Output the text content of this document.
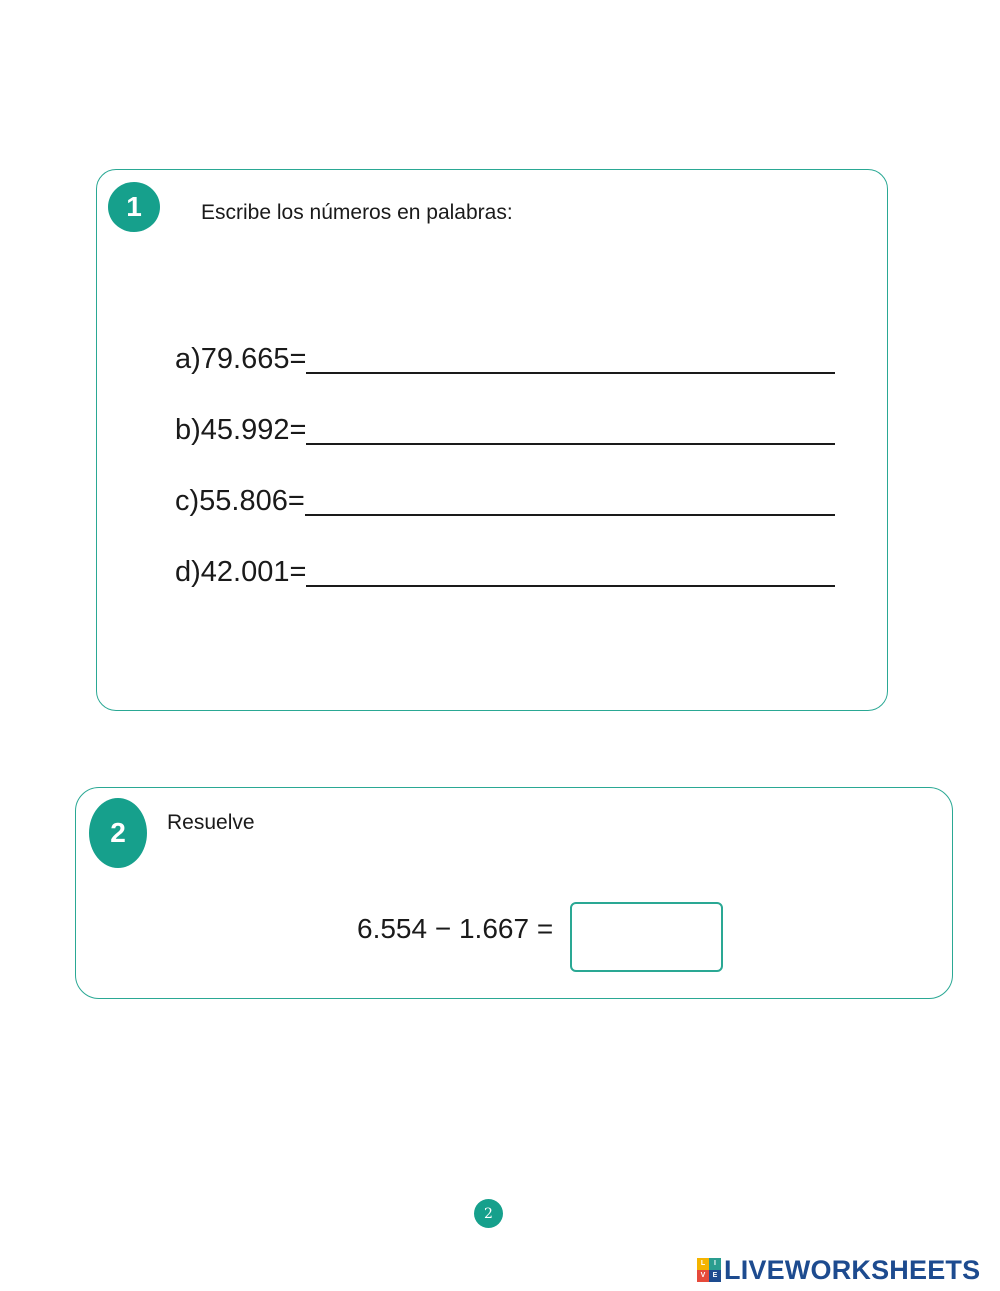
1	Escribe los números en palabras:
a)79.665=
b)45.992=
c)55.806=
d)42.001=
2	Resuelve
6.554 − 1.667 =
2
L	I
V	E LIVEWORKSHEETS
